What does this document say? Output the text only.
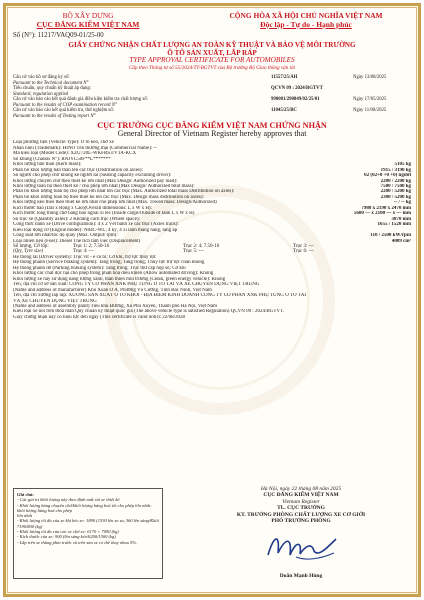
BỘ XÂY DỰNG
CỤC ĐĂNG KIỂM VIỆT NAM
CỘNG HÒA XÃ HỘI CHỦ NGHĨA VIỆT NAM
Độc lập - Tự do - Hạnh phúc
Số (N°): 11217/VAQ09-01/25-00
GIẤY CHỨNG NHẬN CHẤT LƯỢNG AN TOÀN KỸ THUẬT VÀ BẢO VỆ MÔI TRƯỜNG
Ô TÔ SẢN XUẤT, LẮP RÁP
TYPE APPROVAL CERTIFICATE FOR AUTOMOBILES
Cấp theo Thông tư số 55/2024/TT-BGTVT của Bộ trưởng Bộ Giao thông vận tải
Căn cứ vào hồ sơ đăng ký số:	11557/25/AH	Ngày 13/08/2025
Pursuant to the Technical document N°
Tiêu chuẩn, quy chuẩn kỹ thuật áp dụng:	QCVN 09 : 2024/BGTVT
Standard, regulation applied
Căn cứ vào báo cáo kết quả đánh giá điều kiện kiểm tra chất lượng số:	990081/290849/02/25/01	Ngày 17/05/2025
Pursuant to the results of COP examination record N°
Căn cứ vào báo cáo kết quả kiểm tra, thử nghiệm số:	11045/25/BC	Ngày 11/08/2025
Pursuant to the results of Testing report N°
CỤC TRƯỞNG CỤC ĐĂNG KIỂM VIỆT NAM CHỨNG NHẬN
General Director of Vietnam Register hereby approves that
Loại phương tiện (Vehicle Type): Ô tô kéo, chở xe
Nhãn hiệu (Trademark): HINO Tên thương mại (Commercial Name): --
Mã kiểu loại (Model Code): XZU720L-WKFRS3/VTA-KCX
Số khung (Chassis N°): RNJYC50F**L*******
Khối lượng bản thân (Kerb mass):	5105 kg
Phân bố khối lượng bản thân lên các trục (Distribution on axles):	1915 / 3190 kg
Số người cho phép chở không kể người lái (Seating capacity excluding driver):	02 (02+0 +0 +0) người
Khối lượng chuyên chở theo thiết kế lớn nhất (Max Design' Authorized pay load):	2200 / 2200 kg
Khối lượng toàn bộ theo thiết kế / cho phép lớn nhất (Max Design/ Authorized total mass):	7500 / 7500 kg
Phân bố khối lượng toàn bộ cho phép lớn nhất lên các trục (Max. Authorized total mass Distribution on axles):	2200 / 5200 kg
Phân bố khối lượng toàn bộ theo thiết kế lên các trục (Max. Design mass distribution on axles):	2300 / 5200 kg
Khối lượng kéo theo theo thiết kế lớn nhất cho phép lớn nhất (Max. Towed mass: Design/Authorized)	-- / -- kg
Kích thước bao (Dài x Rộng x Cao)(Overall dimensions: L x W x H):	7980 x 2190 x 2470 mm
Kích thước lòng thùng chở hàng bao ngoài xi téc (Inside cargo/Outside of tank L x W x H)	5600 — x 2100 — x — mm
Số trục xe (Quantity axles): 2 Khoảng cách trục (Wheel space):	3870 mm
Công thức bánh xe (Drive configuration): 4 x 2 Vết bánh xe các trục (Axles track):	1655 / 1520 mm
Kiểu loại động cơ (Engine model): N04C-WL; 4 kỳ, 4 xi lanh thẳng hàng, tăng áp
Công suất lớn nhất/tốc độ quay (Max. Output/ rpm):	110 / 2500 kW/rpm
Loại nhiên liệu (Fuel): Diesel Thể tích làm việc (Displacement)	4009 cm³
Số lượng, Cỡ lốp:	Trục 1: 2; 7.50-16	Trục 2: 4; 7.50-16	Trục 3: ---
(Qty, Tyre size)	Trục 4: ---	Trục 5: ---	Trục 6: ---
Hệ thống lái (Driver system): Trục vít - ê cu bi; Cơ khí, trợ lực thuỷ lực
Hệ thống phanh (Service braking system): Tang trống; Tang trống; Thủy lực trợ lực chân không
Hệ thống phanh đỗ (Parking braking system): Tang trống; Trục thứ cấp hộp số; Cơ khí
Khối lượng các chất độc hại cho phép trong phân hoá điều khiển (Allow automated driving): Không
Khối lượng xe này sử dụng năng lượng xanh, thân thiện môi trường (Clean, green energy vehicle): Không
Tên, địa chỉ cơ sở sản xuất: CÔNG TY CỔ PHẦN XNK PHỤ TÙNG Ô TÔ TẢI VÀ XE CHUYÊN DỤNG VIỆT TRUNG
(Name and address of manufacturer) Khu Xuân Ổ A, Phường Võ Cường, Tỉnh Bắc Ninh, Việt Nam
Tên, địa chỉ xưởng lắp ráp: XƯỞNG SẢN XUẤT Ô TÔ KHỞI - ĐỊA ĐIỂM KINH DOANH CÔNG TY CỔ PHẦN XNK PHỤ TÙNG Ô TÔ TẢI
VÀ XE CHUYÊN DỤNG VIỆT TRUNG
(Name and address of assembly plant) Tiểu khu Đường, Xã Phú Xuyên, Thành phố Hà Nội, Việt Nam
Kiểu loại xe nói trên thỏa mãn Quy chuẩn kỹ thuật quốc gia (The above vehicle type is satisfied Regulation) QCVN 09 : 2024/BGTVT.
Giấy chứng nhận này có hiệu lực đến ngày (This certificate is valid until): 22/08/2028
Ghi chú:
- Các giá trị khối lượng này theo định mức tải xe thiết kế.
- Khối lượng hàng chuyên chở/khối lượng hàng hoá tối cho phép lớn nhất: khối lượng hàng hoá cho phép
lớn nhất
- Khối lượng tối đa của xe khi kéo xe: 1890 (1530 lên xe sa, 360 lên sàng/Khối 7190/800 (kg)
- Khối lượng tối đa của các xe chở xe: 6170 + 7090 (kg)
- Kích thước của xe: 900 (lên sàng kéo/6200/1500 (kg)
- Lắp trên xe thùng phía trước và trên sàn xe có thể thay nhau 5%.
Hà Nội, ngày 22 tháng 08 năm 2025
CỤC ĐĂNG KIỂM VIỆT NAM
Vietnam Register
TL. CỤC TRƯỞNG
KT. TRƯỞNG PHÒNG CHẤT LƯỢNG XE CƠ GIỚI
PHÓ TRƯỞNG PHÒNG
Doãn Mạnh Hùng
